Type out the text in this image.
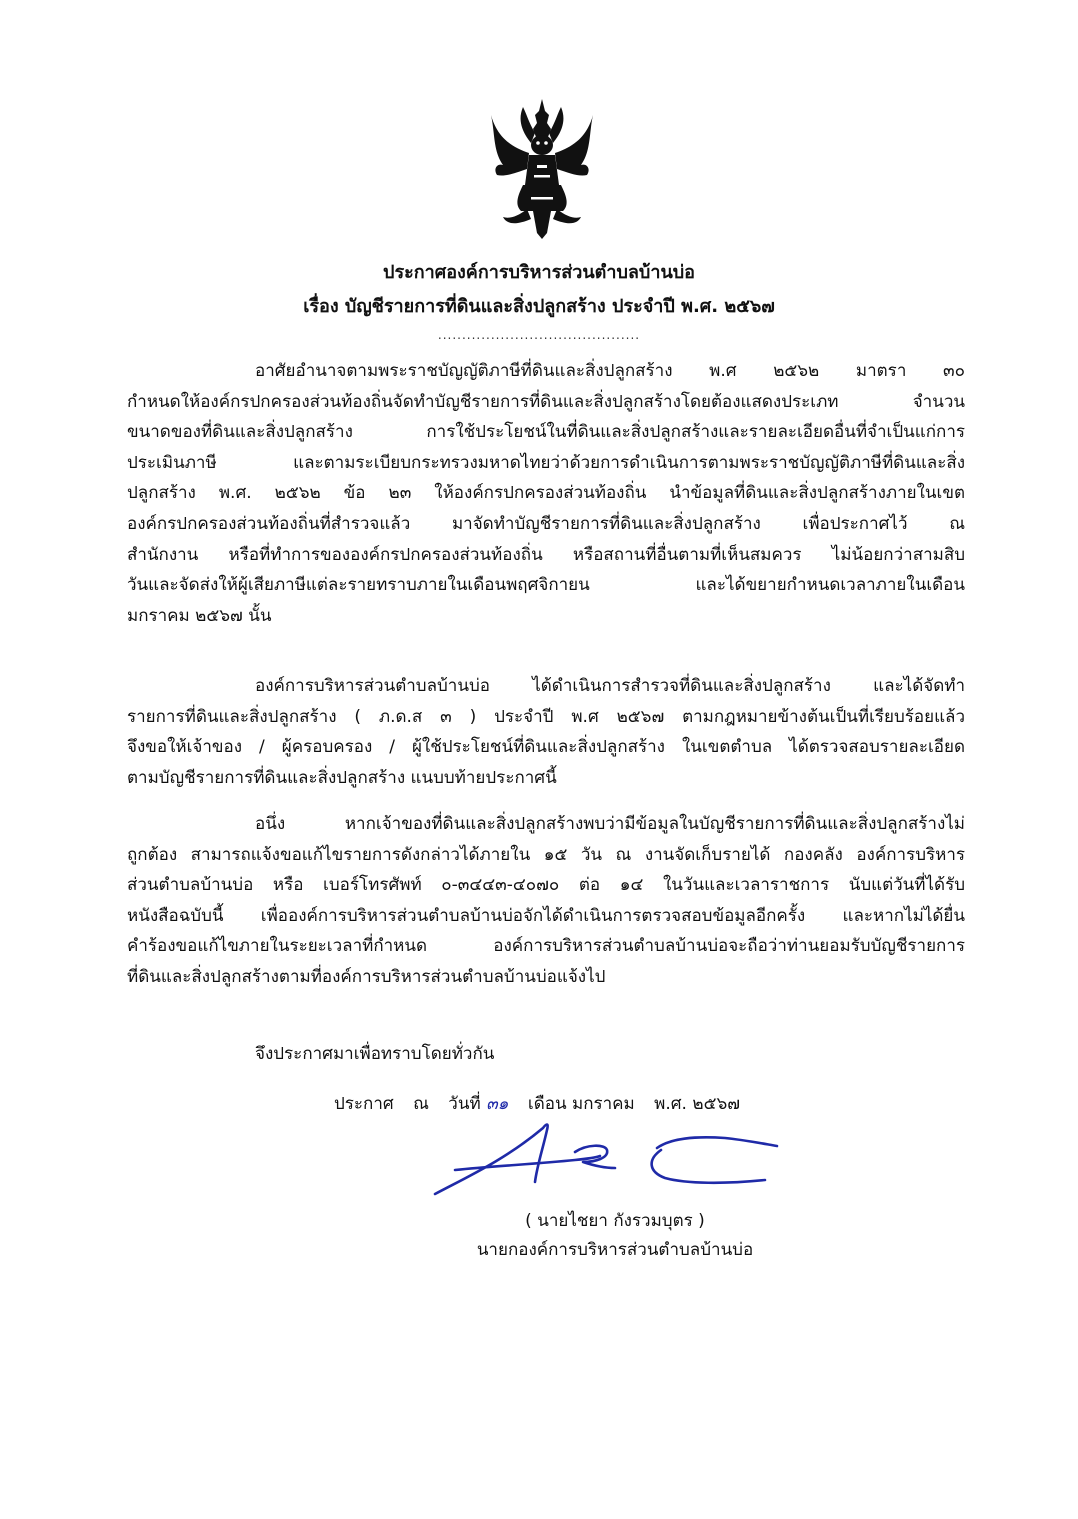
ประกาศองค์การบริหารส่วนตำบลบ้านบ่อ
เรื่อง บัญชีรายการที่ดินและสิ่งปลูกสร้าง ประจำปี พ.ศ. ๒๕๖๗
..........................................
อาศัยอำนาจตามพระราชบัญญัติภาษีที่ดินและสิ่งปลูกสร้าง พ.ศ ๒๕๖๒ มาตรา ๓๐
กำหนดให้องค์กรปกครองส่วนท้องถิ่นจัดทำบัญชีรายการที่ดินและสิ่งปลูกสร้างโดยต้องแสดงประเภท จำนวน
ขนาดของที่ดินและสิ่งปลูกสร้าง การใช้ประโยชน์ในที่ดินและสิ่งปลูกสร้างและรายละเอียดอื่นที่จำเป็นแก่การ
ประเมินภาษี และตามระเบียบกระทรวงมหาดไทยว่าด้วยการดำเนินการตามพระราชบัญญัติภาษีที่ดินและสิ่ง
ปลูกสร้าง พ.ศ. ๒๕๖๒ ข้อ ๒๓ ให้องค์กรปกครองส่วนท้องถิ่น นำข้อมูลที่ดินและสิ่งปลูกสร้างภายในเขต
องค์กรปกครองส่วนท้องถิ่นที่สำรวจแล้ว มาจัดทำบัญชีรายการที่ดินและสิ่งปลูกสร้าง เพื่อประกาศไว้ ณ
สำนักงาน หรือที่ทำการขององค์กรปกครองส่วนท้องถิ่น หรือสถานที่อื่นตามที่เห็นสมควร ไม่น้อยกว่าสามสิบ
วันและจัดส่งให้ผู้เสียภาษีแต่ละรายทราบภายในเดือนพฤศจิกายน และได้ขยายกำหนดเวลาภายในเดือน
มกราคม ๒๕๖๗ นั้น
องค์การบริหารส่วนตำบลบ้านบ่อ ได้ดำเนินการสำรวจที่ดินและสิ่งปลูกสร้าง และได้จัดทำ
รายการที่ดินและสิ่งปลูกสร้าง ( ภ.ด.ส ๓ ) ประจำปี พ.ศ ๒๕๖๗ ตามกฎหมายข้างต้นเป็นที่เรียบร้อยแล้ว
จึงขอให้เจ้าของ / ผู้ครอบครอง / ผู้ใช้ประโยชน์ที่ดินและสิ่งปลูกสร้าง ในเขตตำบล ได้ตรวจสอบรายละเอียด
ตามบัญชีรายการที่ดินและสิ่งปลูกสร้าง แนบบท้ายประกาศนี้
อนึ่ง หากเจ้าของที่ดินและสิ่งปลูกสร้างพบว่ามีข้อมูลในบัญชีรายการที่ดินและสิ่งปลูกสร้างไม่
ถูกต้อง สามารถแจ้งขอแก้ไขรายการดังกล่าวได้ภายใน ๑๕ วัน ณ งานจัดเก็บรายได้ กองคลัง องค์การบริหาร
ส่วนตำบลบ้านบ่อ หรือ เบอร์โทรศัพท์ ๐-๓๔๔๓-๔๐๗๐ ต่อ ๑๔ ในวันและเวลาราชการ นับแต่วันที่ได้รับ
หนังสือฉบับนี้ เพื่อองค์การบริหารส่วนตำบลบ้านบ่อจักได้ดำเนินการตรวจสอบข้อมูลอีกครั้ง และหากไม่ได้ยื่น
คำร้องขอแก้ไขภายในระยะเวลาที่กำหนด องค์การบริหารส่วนตำบลบ้านบ่อจะถือว่าท่านยอมรับบัญชีรายการ
ที่ดินและสิ่งปลูกสร้างตามที่องค์การบริหารส่วนตำบลบ้านบ่อแจ้งไป
จึงประกาศมาเพื่อทราบโดยทั่วกัน
ประกาศ ณ วันที่ ๓๑ เดือน มกราคม พ.ศ. ๒๕๖๗
( นายไชยา กังรวมบุตร )
นายกองค์การบริหารส่วนตำบลบ้านบ่อ
